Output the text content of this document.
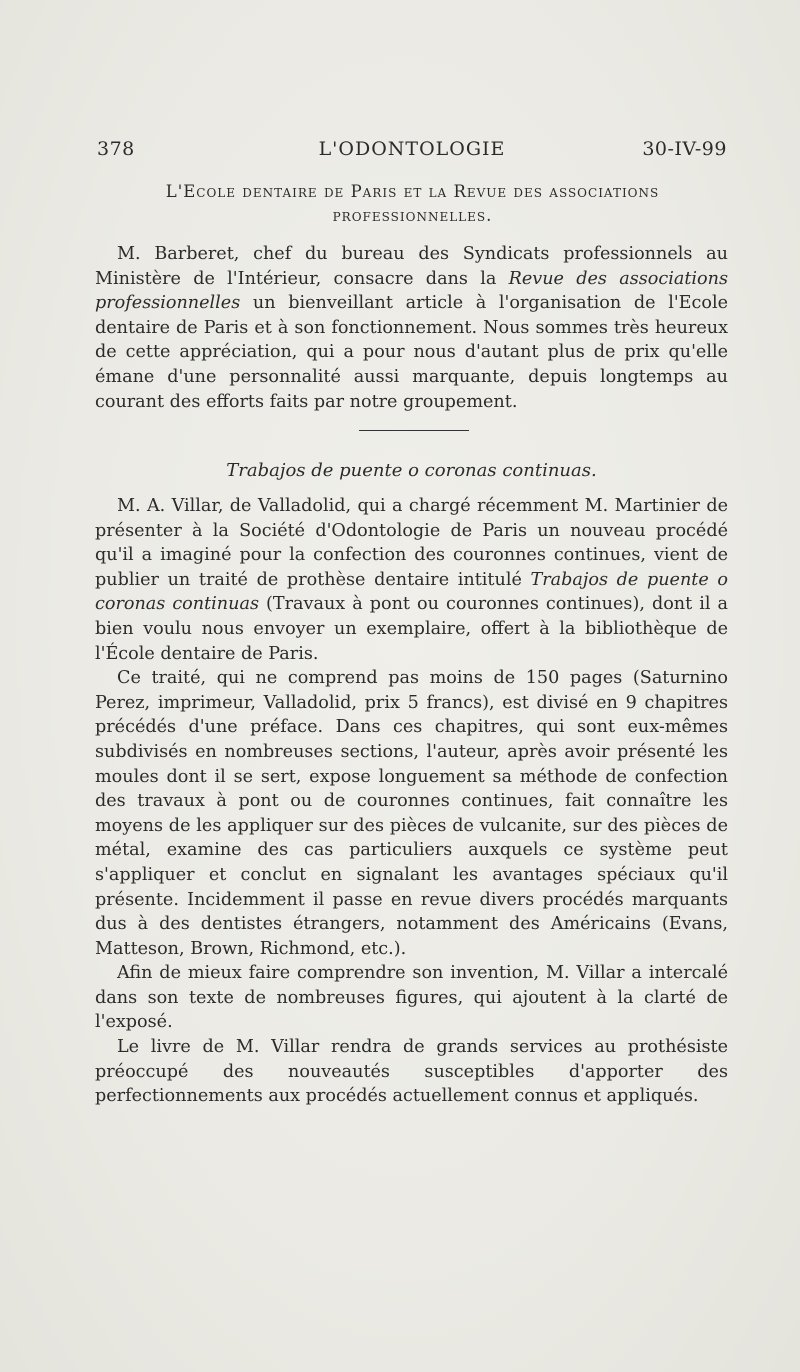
378	L'ODONTOLOGIE	30-IV-99
L'Ecole dentaire de Paris et la Revue des associations
professionnelles.

M. Barberet, chef du bureau des Syndicats professionnels au Ministère de l'Intérieur, consacre dans la Revue des associations professionnelles un bienveillant article à l'organisation de l'Ecole dentaire de Paris et à son fonctionnement. Nous sommes très heureux de cette appréciation, qui a pour nous d'autant plus de prix qu'elle émane d'une personnalité aussi marquante, depuis longtemps au courant des efforts faits par notre groupement.

Trabajos de puente o coronas continuas.

M. A. Villar, de Valladolid, qui a chargé récemment M. Martinier de présenter à la Société d'Odontologie de Paris un nouveau procédé qu'il a imaginé pour la confection des couronnes continues, vient de publier un traité de prothèse dentaire intitulé Trabajos de puente o coronas continuas (Travaux à pont ou couronnes continues), dont il a bien voulu nous envoyer un exemplaire, offert à la bibliothèque de l'École dentaire de Paris.

Ce traité, qui ne comprend pas moins de 150 pages (Saturnino Perez, imprimeur, Valladolid, prix 5 francs), est divisé en 9 chapitres précédés d'une préface. Dans ces chapitres, qui sont eux-mêmes subdivisés en nombreuses sections, l'auteur, après avoir présenté les moules dont il se sert, expose longuement sa méthode de confection des travaux à pont ou de couronnes continues, fait connaître les moyens de les appliquer sur des pièces de vulcanite, sur des pièces de métal, examine des cas particuliers auxquels ce système peut s'appliquer et conclut en signalant les avantages spéciaux qu'il présente. Incidemment il passe en revue divers procédés marquants dus à des dentistes étrangers, notamment des Américains (Evans, Matteson, Brown, Richmond, etc.).

Afin de mieux faire comprendre son invention, M. Villar a intercalé dans son texte de nombreuses figures, qui ajoutent à la clarté de l'exposé.

Le livre de M. Villar rendra de grands services au prothésiste préoccupé des nouveautés susceptibles d'apporter des perfectionnements aux procédés actuellement connus et appliqués.
